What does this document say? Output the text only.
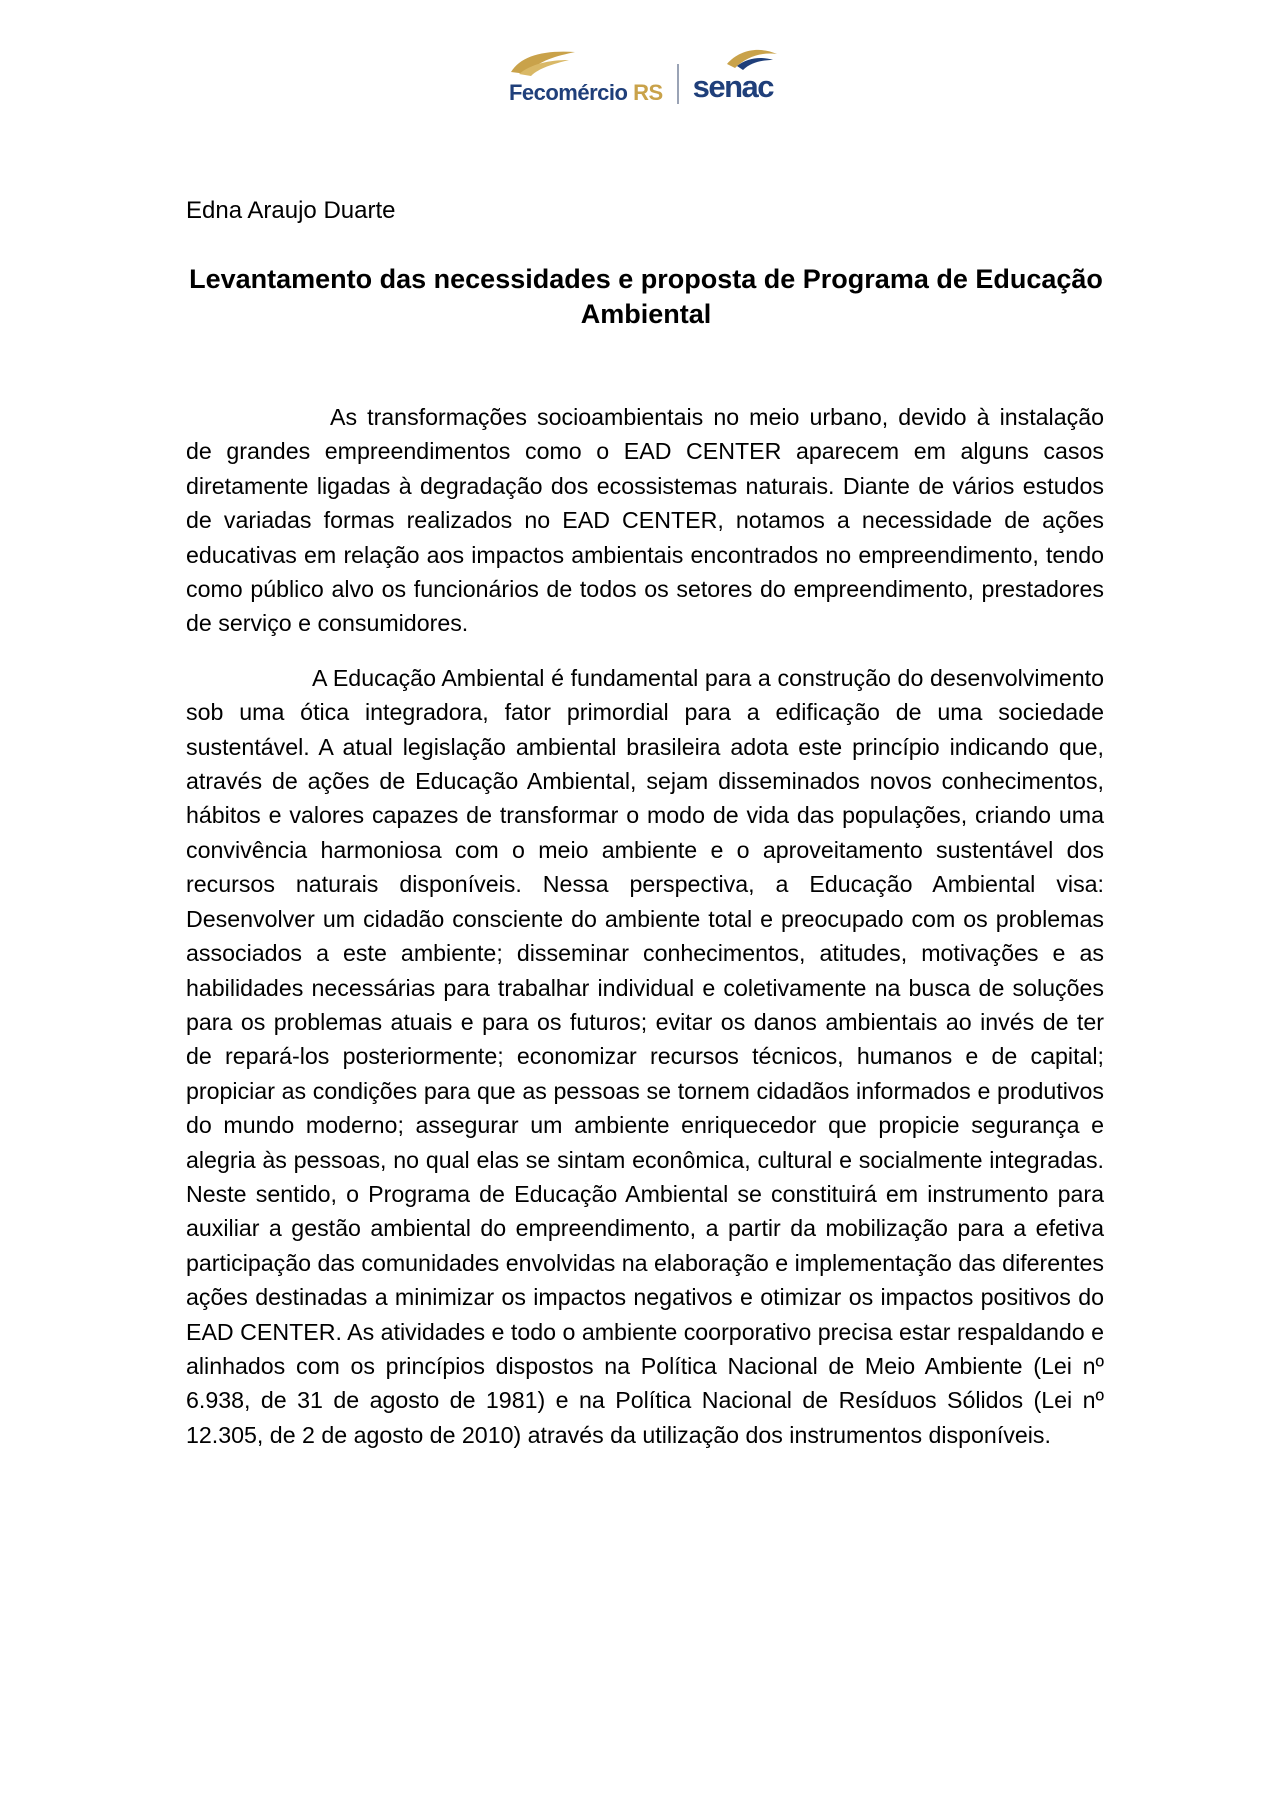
Fecomércio RS senac
Edna Araujo Duarte
Levantamento das necessidades e proposta de Programa de Educação Ambiental

As transformações socioambientais no meio urbano, devido à instalação de grandes empreendimentos como o EAD CENTER aparecem em alguns casos diretamente ligadas à degradação dos ecossistemas naturais. Diante de vários estudos de variadas formas realizados no EAD CENTER, notamos a necessidade de ações educativas em relação aos impactos ambientais encontrados no empreendimento, tendo como público alvo os funcionários de todos os setores do empreendimento, prestadores de serviço e consumidores.

A Educação Ambiental é fundamental para a construção do desenvolvimento sob uma ótica integradora, fator primordial para a edificação de uma sociedade sustentável. A atual legislação ambiental brasileira adota este princípio indicando que, através de ações de Educação Ambiental, sejam disseminados novos conhecimentos, hábitos e valores capazes de transformar o modo de vida das populações, criando uma convivência harmoniosa com o meio ambiente e o aproveitamento sustentável dos recursos naturais disponíveis. Nessa perspectiva, a Educação Ambiental visa: Desenvolver um cidadão consciente do ambiente total e preocupado com os problemas associados a este ambiente; disseminar conhecimentos, atitudes, motivações e as habilidades necessárias para trabalhar individual e coletivamente na busca de soluções para os problemas atuais e para os futuros; evitar os danos ambientais ao invés de ter de repará-los posteriormente; economizar recursos técnicos, humanos e de capital; propiciar as condições para que as pessoas se tornem cidadãos informados e produtivos do mundo moderno; assegurar um ambiente enriquecedor que propicie segurança e alegria às pessoas, no qual elas se sintam econômica, cultural e socialmente integradas. Neste sentido, o Programa de Educação Ambiental se constituirá em instrumento para auxiliar a gestão ambiental do empreendimento, a partir da mobilização para a efetiva participação das comunidades envolvidas na elaboração e implementação das diferentes ações destinadas a minimizar os impactos negativos e otimizar os impactos positivos do EAD CENTER. As atividades e todo o ambiente coorporativo precisa estar respaldando e alinhados com os princípios dispostos na Política Nacional de Meio Ambiente (Lei nº 6.938, de 31 de agosto de 1981) e na Política Nacional de Resíduos Sólidos (Lei nº 12.305, de 2 de agosto de 2010) através da utilização dos instrumentos disponíveis.
